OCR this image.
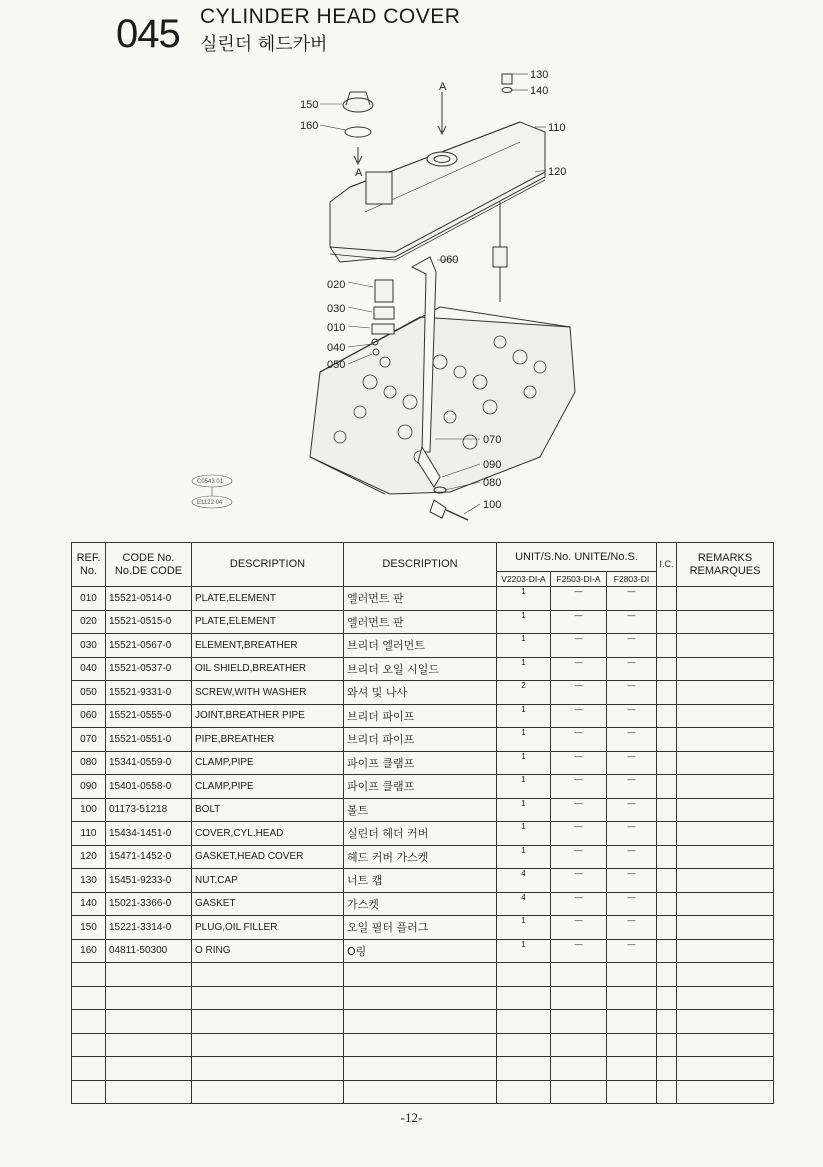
045 CYLINDER HEAD COVER
실린더 헤드카버
150
160
130
140
110
120
060
020
030
010
040
050
070
090
080
100
A
A
C0543 01
E1122 04
REF. No.	CODE No. No.DE CODE	DESCRIPTION	DESCRIPTION	UNIT/S.No. UNITE/No.S.			I.C.	REMARKS REMARQUES
				V2203-DI-A	F2503-DI-A	F2803-DI		
010	15521-0514-0	PLATE,ELEMENT	엘러먼트 판	1	—	—		
020	15521-0515-0	PLATE,ELEMENT	엘러먼트 판	1	—	—		
030	15521-0567-0	ELEMENT,BREATHER	브리더 엘러먼트	1	—	—		
040	15521-0537-0	OIL SHIELD,BREATHER	브리더 오일 시일드	1	—	—		
050	15521-9331-0	SCREW,WITH WASHER	와셔 및 나사	2	—	—		
060	15521-0555-0	JOINT,BREATHER PIPE	브리더 파이프	1	—	—		
070	15521-0551-0	PIPE,BREATHER	브리더 파이프	1	—	—		
080	15341-0559-0	CLAMP,PIPE	파이프 클램프	1	—	—		
090	15401-0558-0	CLAMP,PIPE	파이프 클램프	1	—	—		
100	01173-51218	BOLT	볼트	1	—	—		
110	15434-1451-0	COVER,CYL.HEAD	실린더 헤더 커버	1	—	—		
120	15471-1452-0	GASKET,HEAD COVER	헤드 커버 가스켓	1	—	—		
130	15451-9233-0	NUT,CAP	너트 캡	4	—	—		
140	15021-3366-0	GASKET	가스켓	4	—	—		
150	15221-3314-0	PLUG,OIL FILLER	오일 필터 플러그	1	—	—		
160	04811-50300	O RING	O링	1	—	—		

-12-
